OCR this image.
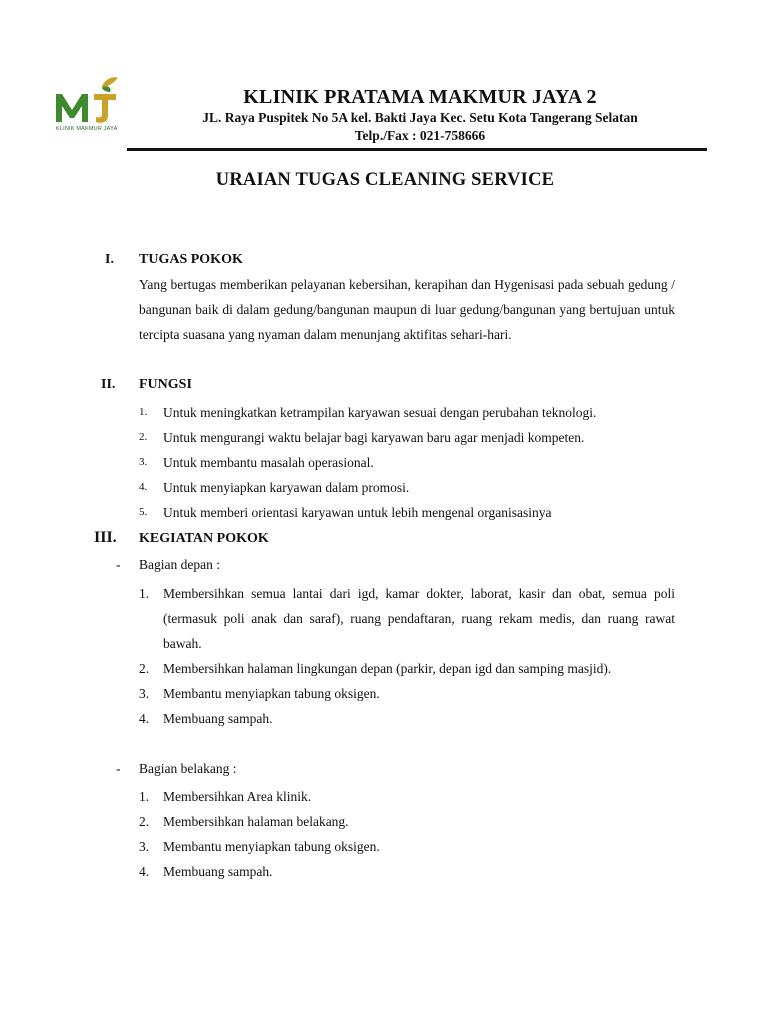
KLINIK MAKMUR JAYA
KLINIK PRATAMA MAKMUR JAYA 2
JL. Raya Puspitek No 5A kel. Bakti Jaya Kec. Setu Kota Tangerang Selatan
Telp./Fax : 021-758666
URAIAN TUGAS CLEANING SERVICE
I. TUGAS POKOK
Yang bertugas memberikan pelayanan kebersihan, kerapihan dan Hygenisasi pada sebuah gedung / bangunan baik di dalam gedung/bangunan maupun di luar gedung/bangunan yang bertujuan untuk tercipta suasana yang nyaman dalam menunjang aktifitas sehari-hari.
II. FUNGSI
1. Untuk meningkatkan ketrampilan karyawan sesuai dengan perubahan teknologi.
2. Untuk mengurangi waktu belajar bagi karyawan baru agar menjadi kompeten.
3. Untuk membantu masalah operasional.
4. Untuk menyiapkan karyawan dalam promosi.
5. Untuk memberi orientasi karyawan untuk lebih mengenal organisasinya
III. KEGIATAN POKOK
- Bagian depan :
1. Membersihkan semua lantai dari igd, kamar dokter, laborat, kasir dan obat, semua poli (termasuk poli anak dan saraf), ruang pendaftaran, ruang rekam medis, dan ruang rawat bawah.
2. Membersihkan halaman lingkungan depan (parkir, depan igd dan samping masjid).
3. Membantu menyiapkan tabung oksigen.
4. Membuang sampah.
- Bagian belakang :
1. Membersihkan Area klinik.
2. Membersihkan halaman belakang.
3. Membantu menyiapkan tabung oksigen.
4. Membuang sampah.
